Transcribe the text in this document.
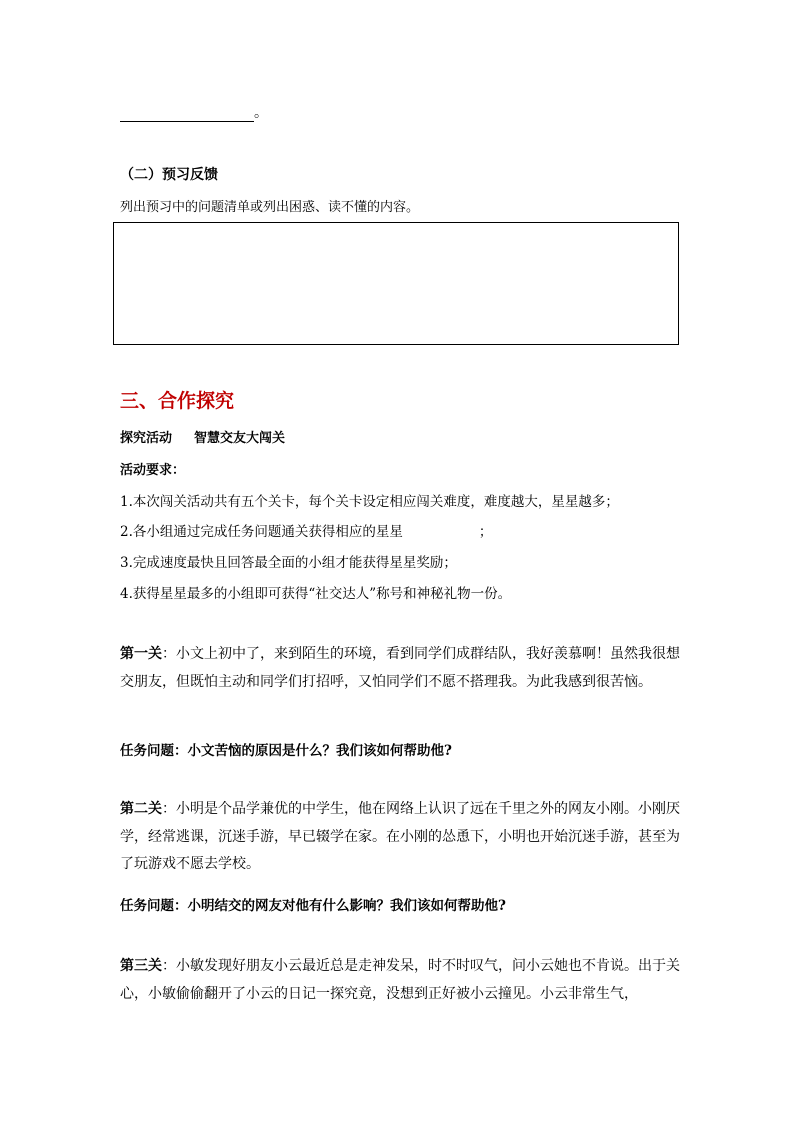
。
（二）预习反馈
列出预习中的问题清单或列出困惑、读不懂的内容。
三、合作探究
探究活动 智慧交友大闯关
活动要求：
1.本次闯关活动共有五个关卡，每个关卡设定相应闯关难度，难度越大，星星越多；
2.各小组通过完成任务问题通关获得相应的星星	；
3.完成速度最快且回答最全面的小组才能获得星星奖励；
4.获得星星最多的小组即可获得“社交达人”称号和神秘礼物一份。
第一关：小文上初中了，来到陌生的环境，看到同学们成群结队，我好羡慕啊！虽然我很想交朋友，但既怕主动和同学们打招呼，又怕同学们不愿不搭理我。为此我感到很苦恼。
任务问题：小文苦恼的原因是什么？我们该如何帮助他?
第二关：小明是个品学兼优的中学生，他在网络上认识了远在千里之外的网友小刚。小刚厌学，经常逃课，沉迷手游，早已辍学在家。在小刚的怂恿下，小明也开始沉迷手游，甚至为了玩游戏不愿去学校。
任务问题：小明结交的网友对他有什么影响？我们该如何帮助他?
第三关：小敏发现好朋友小云最近总是走神发呆，时不时叹气，问小云她也不肯说。出于关心，小敏偷偷翻开了小云的日记一探究竟，没想到正好被小云撞见。小云非常生气，
